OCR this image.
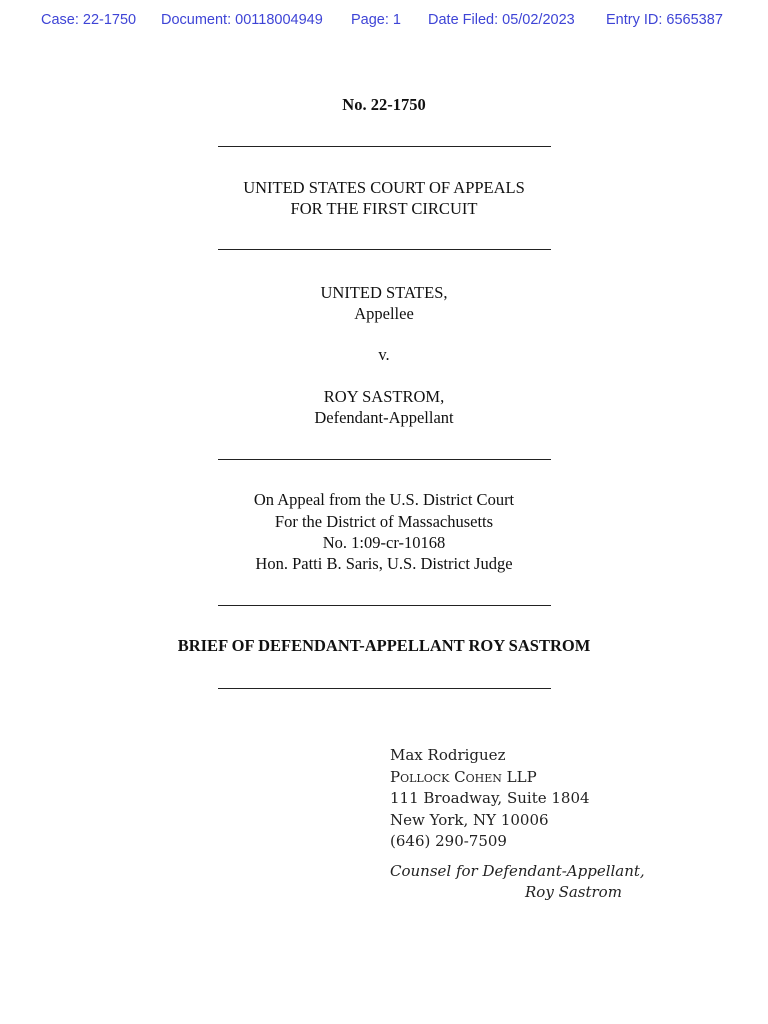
Case: 22-1750 Document: 00118004949 Page: 1 Date Filed: 05/02/2023 Entry ID: 6565387
No. 22-1750
UNITED STATES COURT OF APPEALS
FOR THE FIRST CIRCUIT
UNITED STATES,
Appellee
v.
ROY SASTROM,
Defendant-Appellant
On Appeal from the U.S. District Court
For the District of Massachusetts
No. 1:09-cr-10168
Hon. Patti B. Saris, U.S. District Judge
BRIEF OF DEFENDANT-APPELLANT ROY SASTROM
Max Rodriguez
Pollock Cohen LLP
111 Broadway, Suite 1804
New York, NY 10006
(646) 290-7509
Counsel for Defendant-Appellant,
Roy Sastrom
